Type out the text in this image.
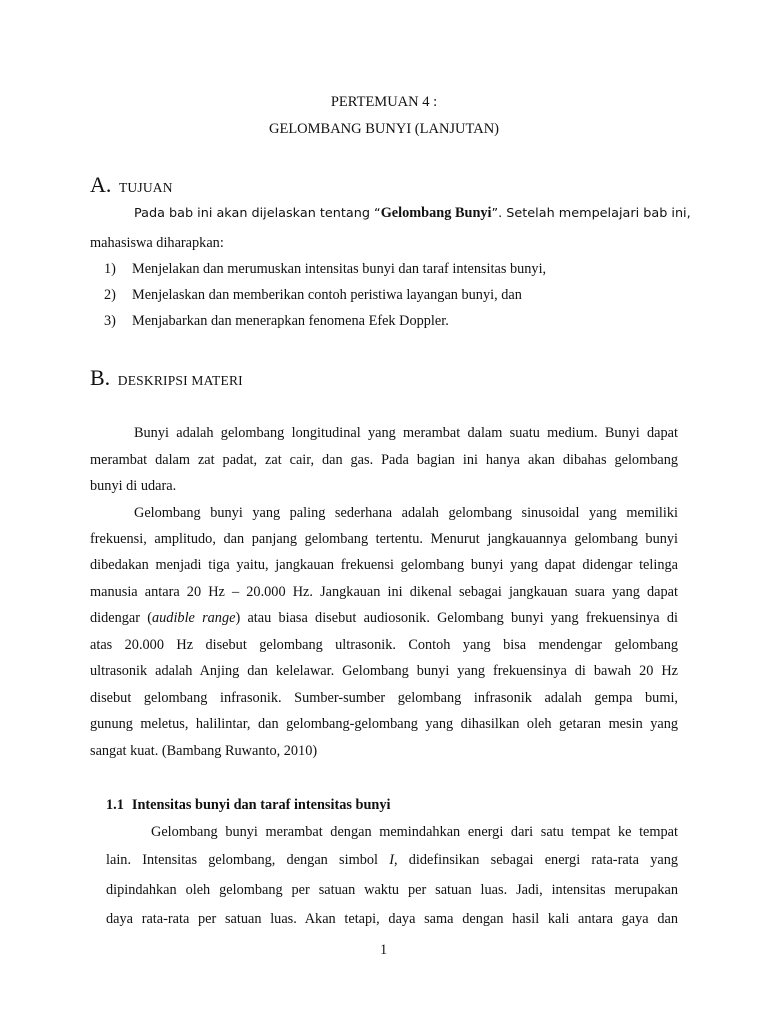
PERTEMUAN 4 :
GELOMBANG BUNYI (LANJUTAN)
A. TUJUAN
Pada bab ini akan dijelaskan tentang “Gelombang Bunyi”. Setelah mempelajari bab ini,
mahasiswa diharapkan:
1) Menjelakan dan merumuskan intensitas bunyi dan taraf intensitas bunyi,
2) Menjelaskan dan memberikan contoh peristiwa layangan bunyi, dan
3) Menjabarkan dan menerapkan fenomena Efek Doppler.
B. DESKRIPSI MATERI
Bunyi adalah gelombang longitudinal yang merambat dalam suatu medium. Bunyi dapat
merambat dalam zat padat, zat cair, dan gas. Pada bagian ini hanya akan dibahas gelombang
bunyi di udara.
Gelombang bunyi yang paling sederhana adalah gelombang sinusoidal yang memiliki
frekuensi, amplitudo, dan panjang gelombang tertentu. Menurut jangkauannya gelombang bunyi
dibedakan menjadi tiga yaitu, jangkauan frekuensi gelombang bunyi yang dapat didengar telinga
manusia antara 20 Hz – 20.000 Hz. Jangkauan ini dikenal sebagai jangkauan suara yang dapat
didengar (audible range) atau biasa disebut audiosonik. Gelombang bunyi yang frekuensinya di
atas 20.000 Hz disebut gelombang ultrasonik. Contoh yang bisa mendengar gelombang
ultrasonik adalah Anjing dan kelelawar. Gelombang bunyi yang frekuensinya di bawah 20 Hz
disebut gelombang infrasonik. Sumber-sumber gelombang infrasonik adalah gempa bumi,
gunung meletus, halilintar, dan gelombang-gelombang yang dihasilkan oleh getaran mesin yang
sangat kuat. (Bambang Ruwanto, 2010)
1.1 Intensitas bunyi dan taraf intensitas bunyi
Gelombang bunyi merambat dengan memindahkan energi dari satu tempat ke tempat
lain. Intensitas gelombang, dengan simbol I, didefinsikan sebagai energi rata-rata yang
dipindahkan oleh gelombang per satuan waktu per satuan luas. Jadi, intensitas merupakan
daya rata-rata per satuan luas. Akan tetapi, daya sama dengan hasil kali antara gaya dan
1
